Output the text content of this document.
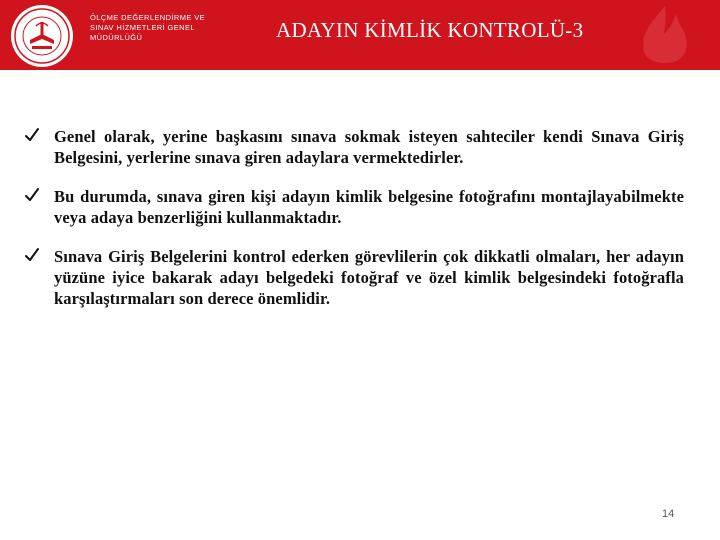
ÖLÇME DEĞERLENDİRME VE
SINAV HİZMETLERİ GENEL
MÜDÜRLÜĞÜ	ADAYIN KİMLİK KONTROLÜ-3
Genel olarak, yerine başkasını sınava sokmak isteyen sahteciler kendi Sınava Giriş Belgesini, yerlerine sınava giren adaylara vermektedirler.
Bu durumda, sınava giren kişi adayın kimlik belgesine fotoğrafını montajlayabilmekte veya adaya benzerliğini kullanmaktadır.
Sınava Giriş Belgelerini kontrol ederken görevlilerin çok dikkatli olmaları, her adayın yüzüne iyice bakarak adayı belgedeki fotoğraf ve özel kimlik belgesindeki fotoğrafla karşılaştırmaları son derece önemlidir.
14
